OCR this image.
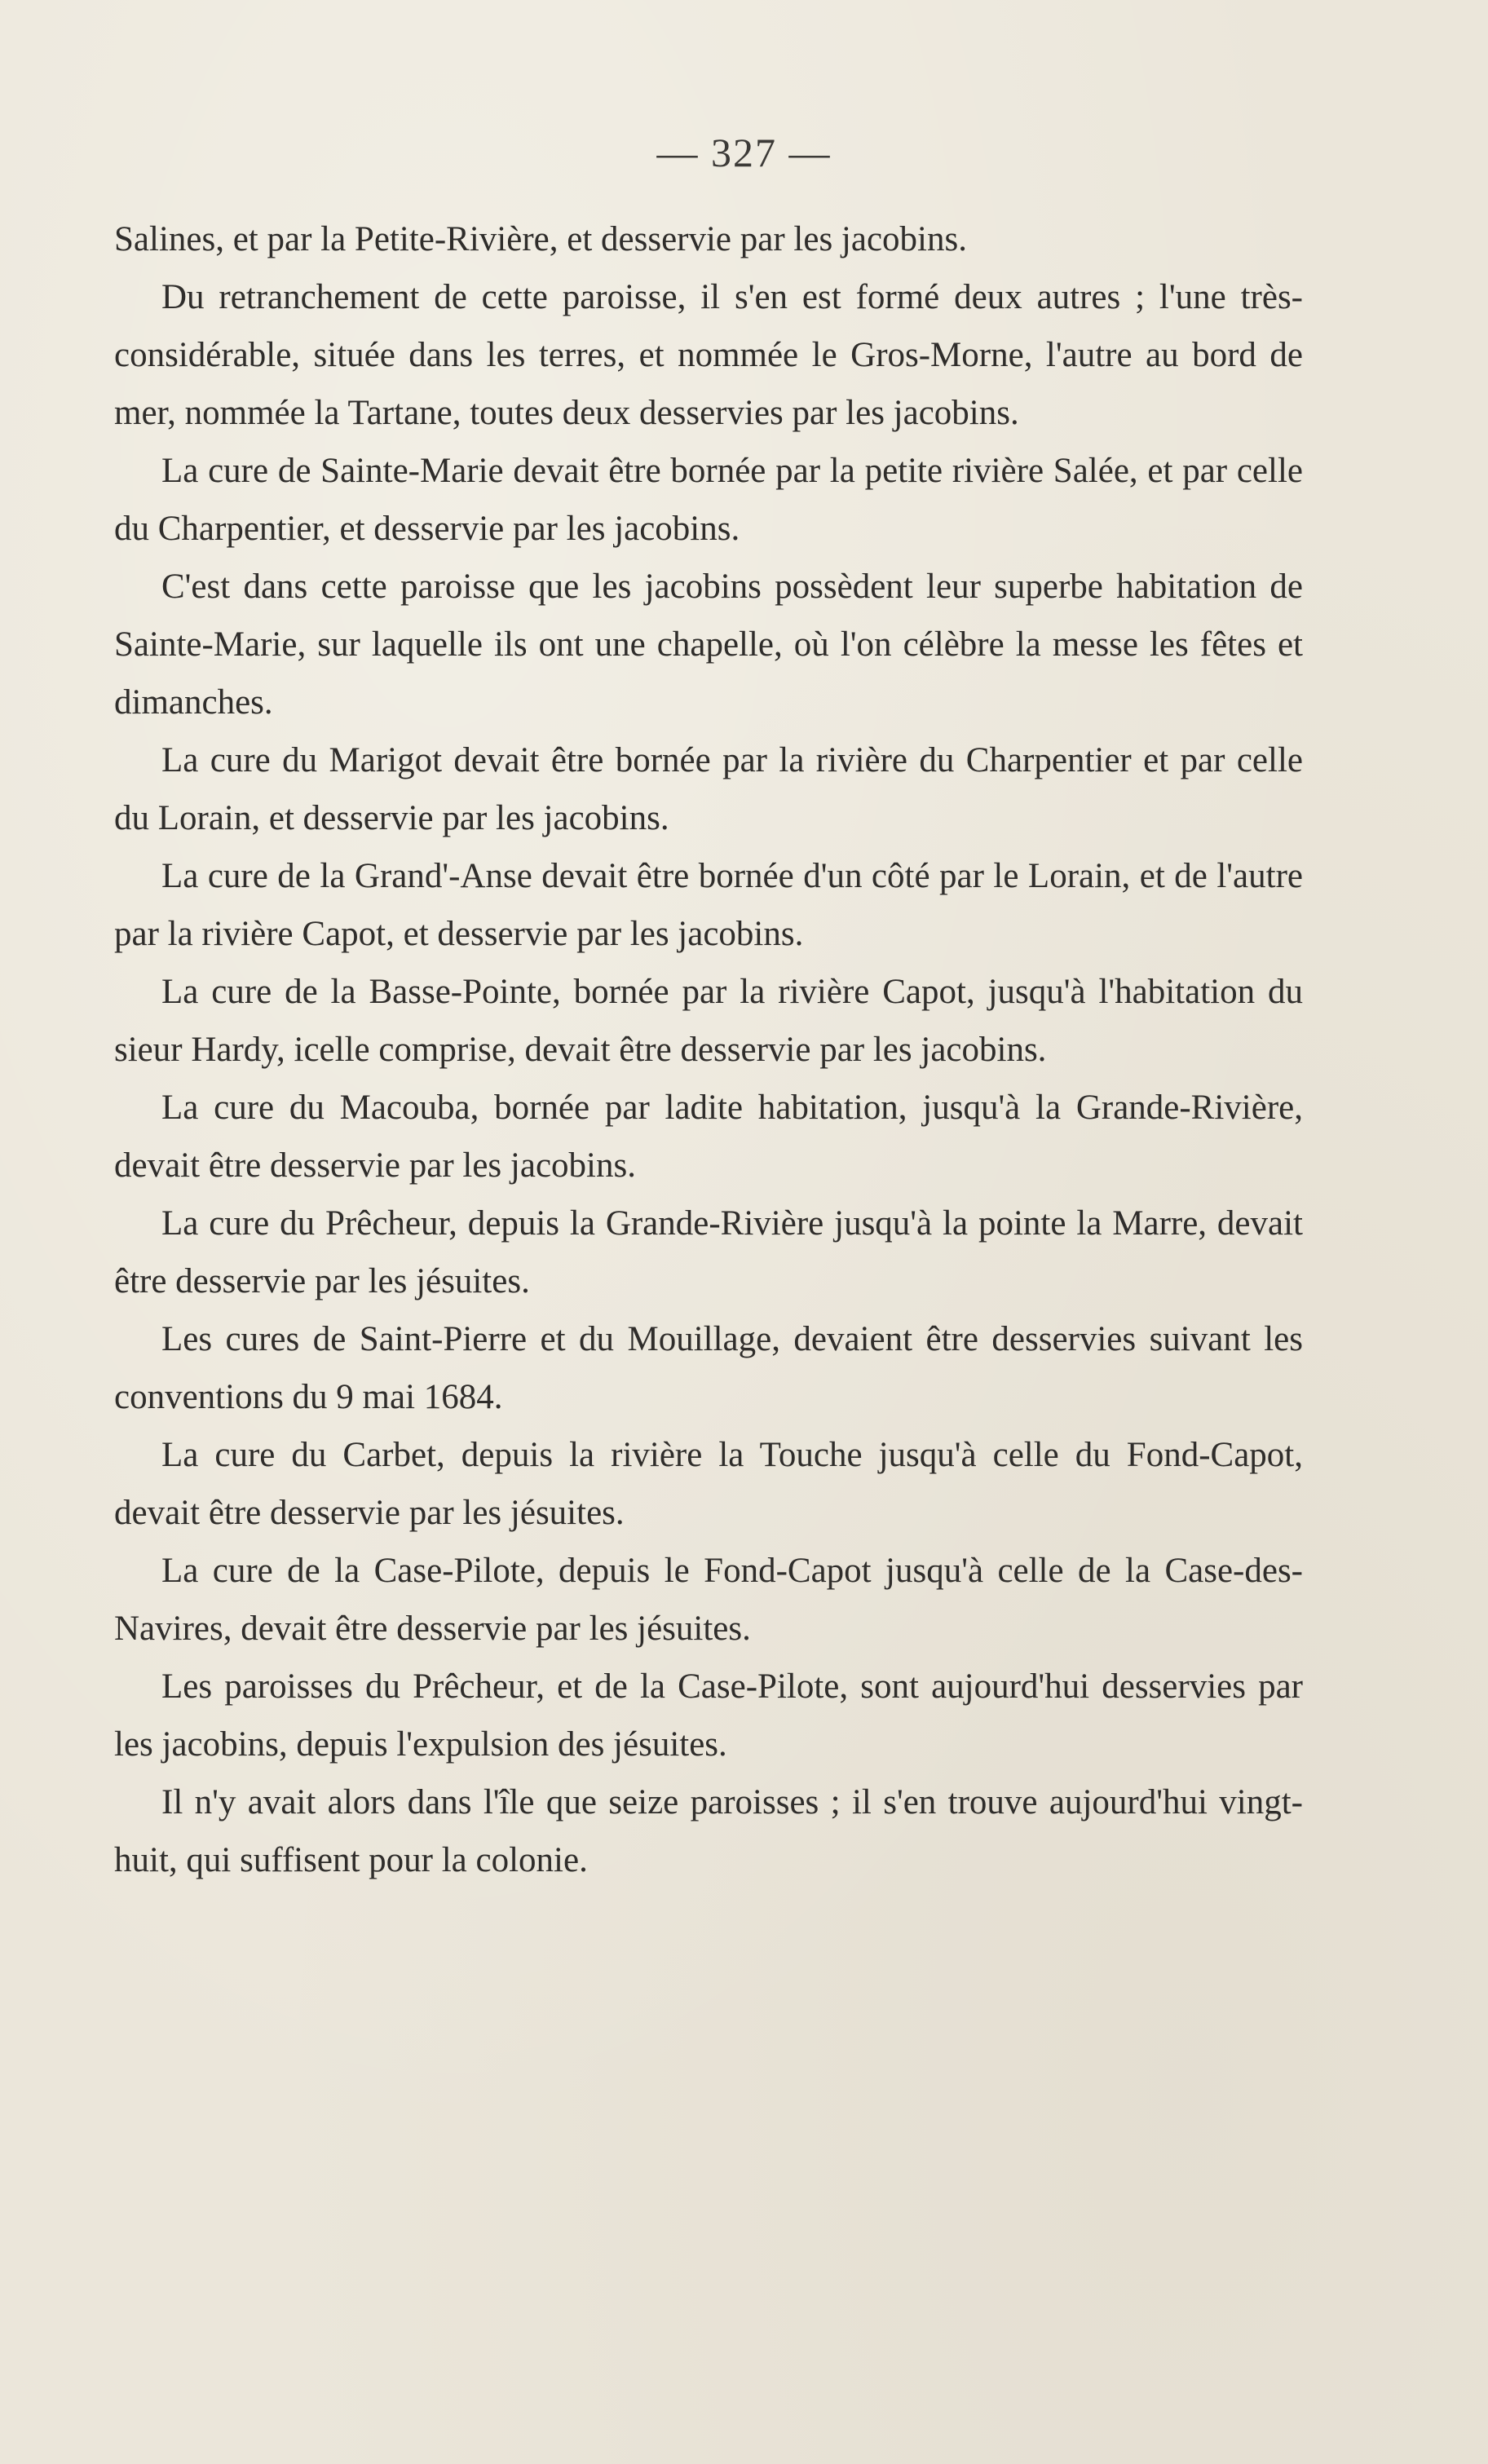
— 327 —

Salines, et par la Petite-Rivière, et desservie par les jacobins.

Du retranchement de cette paroisse, il s'en est formé deux autres ; l'une très-considérable, située dans les terres, et nommée le Gros-Morne, l'autre au bord de mer, nommée la Tartane, toutes deux desservies par les jacobins.

La cure de Sainte-Marie devait être bornée par la petite rivière Salée, et par celle du Charpentier, et desservie par les jacobins.

C'est dans cette paroisse que les jacobins possèdent leur superbe habitation de Sainte-Marie, sur laquelle ils ont une chapelle, où l'on célèbre la messe les fêtes et dimanches.

La cure du Marigot devait être bornée par la rivière du Charpentier et par celle du Lorain, et desservie par les jacobins.

La cure de la Grand'-Anse devait être bornée d'un côté par le Lorain, et de l'autre par la rivière Capot, et desservie par les jacobins.

La cure de la Basse-Pointe, bornée par la rivière Capot, jusqu'à l'habitation du sieur Hardy, icelle comprise, devait être desservie par les jacobins.

La cure du Macouba, bornée par ladite habitation, jusqu'à la Grande-Rivière, devait être desservie par les jacobins.

La cure du Prêcheur, depuis la Grande-Rivière jusqu'à la pointe la Marre, devait être desservie par les jésuites.

Les cures de Saint-Pierre et du Mouillage, devaient être desservies suivant les conventions du 9 mai 1684.

La cure du Carbet, depuis la rivière la Touche jusqu'à celle du Fond-Capot, devait être desservie par les jésuites.

La cure de la Case-Pilote, depuis le Fond-Capot jusqu'à celle de la Case-des-Navires, devait être desservie par les jésuites.

Les paroisses du Prêcheur, et de la Case-Pilote, sont aujourd'hui desservies par les jacobins, depuis l'expulsion des jésuites.

Il n'y avait alors dans l'île que seize paroisses ; il s'en trouve aujourd'hui vingt-huit, qui suffisent pour la colonie.
